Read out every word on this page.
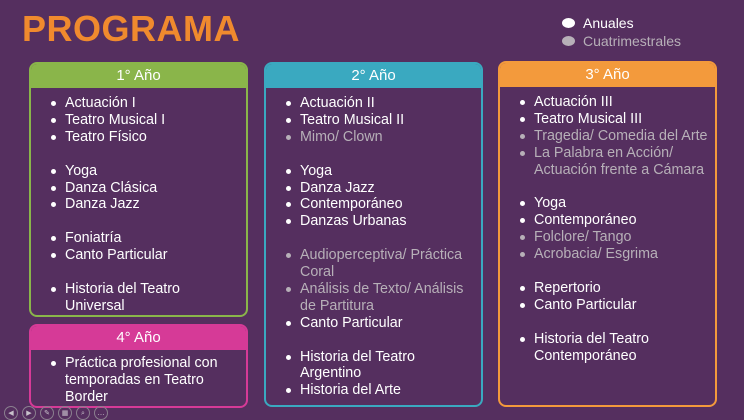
PROGRAMA	Anuales
Cuatrimestrales
1° Año
Actuación I
Teatro Musical I
Teatro Físico
Yoga
Danza Clásica
Danza Jazz
Foniatría
Canto Particular
Historia del Teatro Universal
2° Año
Actuación II
Teatro Musical II
Mimo/ Clown
Yoga
Danza Jazz
Contemporáneo
Danzas Urbanas
Audioperceptiva/ Práctica Coral
Análisis de Texto/ Análisis de Partitura
Canto Particular
Historia del Teatro Argentino
Historia del Arte
3° Año
Actuación III
Teatro Musical III
Tragedia/ Comedia del Arte
La Palabra en Acción/ Actuación frente a Cámara
Yoga
Contemporáneo
Folclore/ Tango
Acrobacia/ Esgrima
Repertorio
Canto Particular
Historia del Teatro Contemporáneo
4° Año
Práctica profesional con temporadas en Teatro Border
◀	▶	✎	▦	⌕	…
